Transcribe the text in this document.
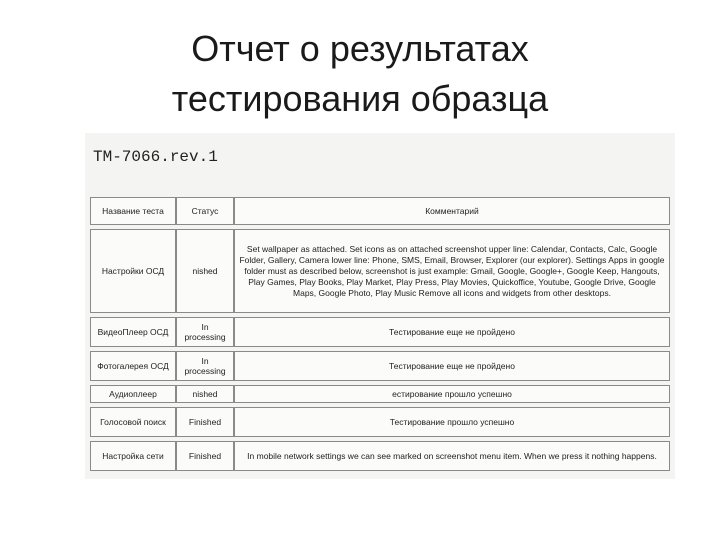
Отчет о результатах
тестирования образца
TM-7066.rev.1
Название теста	Статус	Комментарий
Настройки ОСД	nished	Set wallpaper as attached. Set icons as on attached screenshot upper line: Calendar, Contacts, Calc, Google Folder, Gallery, Camera lower line: Phone, SMS, Email, Browser, Explorer (our explorer). Settings Apps in google folder must as described below, screenshot is just example: Gmail, Google, Google+, Google Keep, Hangouts, Play Games, Play Books, Play Market, Play Press, Play Movies, Quickoffice, Youtube, Google Drive, Google Maps, Google Photo, Play Music Remove all icons and widgets from other desktops.
ВидеоПлеер ОСД	In processing	Тестирование еще не пройдено
Фотогалерея ОСД	In processing	Тестирование еще не пройдено
Аудиоплеер	nished	естирование прошло успешно
Голосовой поиск	Finished	Тестирование прошло успешно
Настройка сети	Finished	In mobile network settings we can see marked on screenshot menu item. When we press it nothing happens.
